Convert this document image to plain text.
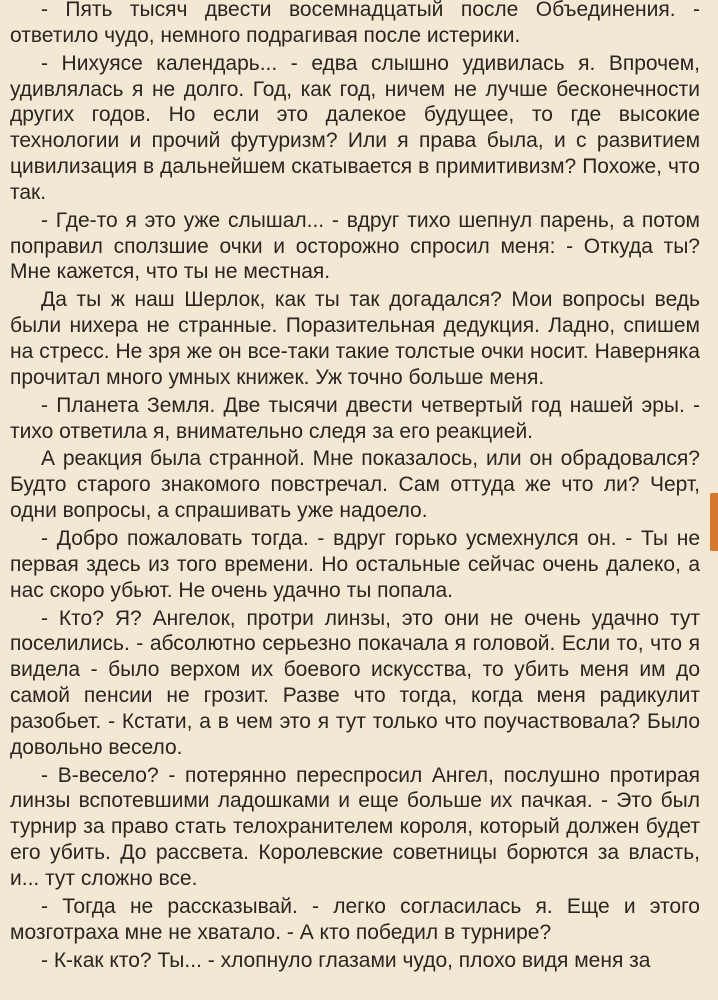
- Пять тысяч двести восемнадцатый после Объединения. - ответило чудо, немного подрагивая после истерики.

- Нихуясе календарь... - едва слышно удивилась я. Впрочем, удивлялась я не долго. Год, как год, ничем не лучше бесконечности других годов. Но если это далекое будущее, то где высокие технологии и прочий футуризм? Или я права была, и с развитием цивилизация в дальнейшем скатывается в примитивизм? Похоже, что так.

- Где-то я это уже слышал... - вдруг тихо шепнул парень, а потом поправил сползшие очки и осторожно спросил меня: - Откуда ты? Мне кажется, что ты не местная.

Да ты ж наш Шерлок, как ты так догадался? Мои вопросы ведь были нихера не странные. Поразительная дедукция. Ладно, спишем на стресс. Не зря же он все-таки такие толстые очки носит. Наверняка прочитал много умных книжек. Уж точно больше меня.

- Планета Земля. Две тысячи двести четвертый год нашей эры. - тихо ответила я, внимательно следя за его реакцией.

А реакция была странной. Мне показалось, или он обрадовался? Будто старого знакомого повстречал. Сам оттуда же что ли? Черт, одни вопросы, а спрашивать уже надоело.

- Добро пожаловать тогда. - вдруг горько усмехнулся он. - Ты не первая здесь из того времени. Но остальные сейчас очень далеко, а нас скоро убьют. Не очень удачно ты попала.

- Кто? Я? Ангелок, протри линзы, это они не очень удачно тут поселились. - абсолютно серьезно покачала я головой. Если то, что я видела - было верхом их боевого искусства, то убить меня им до самой пенсии не грозит. Разве что тогда, когда меня радикулит разобьет. - Кстати, а в чем это я тут только что поучаствовала? Было довольно весело.

- В-весело? - потерянно переспросил Ангел, послушно протирая линзы вспотевшими ладошками и еще больше их пачкая. - Это был турнир за право стать телохранителем короля, который должен будет его убить. До рассвета. Королевские советницы борются за власть, и... тут сложно все.

- Тогда не рассказывай. - легко согласилась я. Еще и этого мозготраха мне не хватало. - А кто победил в турнире?

- К-как кто? Ты... - хлопнуло глазами чудо, плохо видя меня за
